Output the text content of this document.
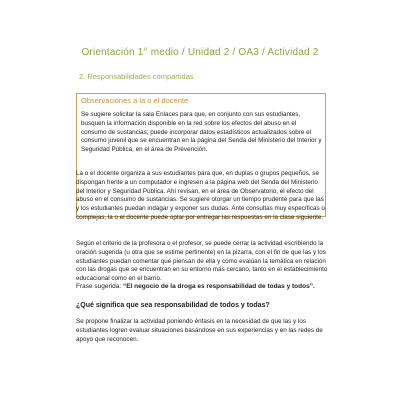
Orientación 1° medio / Unidad 2 / OA3 / Actividad 2
2. Responsabilidades compartidas
Observaciones a la o el docente
Se sugiere solicitar la sala Enlaces para que, en conjunto con sus estudiantes, busquen la información disponible en la red sobre los efectos del abuso en el consumo de sustancias; puede incorporar datos estadísticos actualizados sobre el consumo juvenil que se encuentran en la página del Senda del Ministerio del Interior y Seguridad Pública, en el área de Prevención.
La o el docente organiza a sus estudiantes para que, en duplas o grupos pequeños, se dispongan frente a un computador e ingresen a la página web del Senda del Ministerio del Interior y Seguridad Pública. Ahí revisan, en el área de Observatorio, el efecto del abuso en el consumo de sustancias. Se sugiere otorgar un tiempo prudente para que las y los estudiantes puedan indagar y exponer sus dudas. Ante consultas muy específicas o complejas, la o el docente puede optar por entregar las respuestas en la clase siguiente.
Según el criterio de la profesora o el profesor, se puede cerrar la actividad escribiendo la oración sugerida (u otra que se estime pertinente) en la pizarra, con el fin de que las y los estudiantes puedan comentar qué piensan de ella y cómo evalúan la temática en relación con las drogas que se encuentran en su entorno más cercano, tanto en el establecimiento educacional como en el barrio.
Frase sugerida: “El negocio de la droga es responsabilidad de todas y todos”.
¿Qué significa que sea responsabilidad de todos y todas?
Se propone finalizar la actividad poniendo énfasis en la necesidad de que las y los estudiantes logren evaluar situaciones basándose en sus experiencias y en las redes de apoyo que reconocen.
